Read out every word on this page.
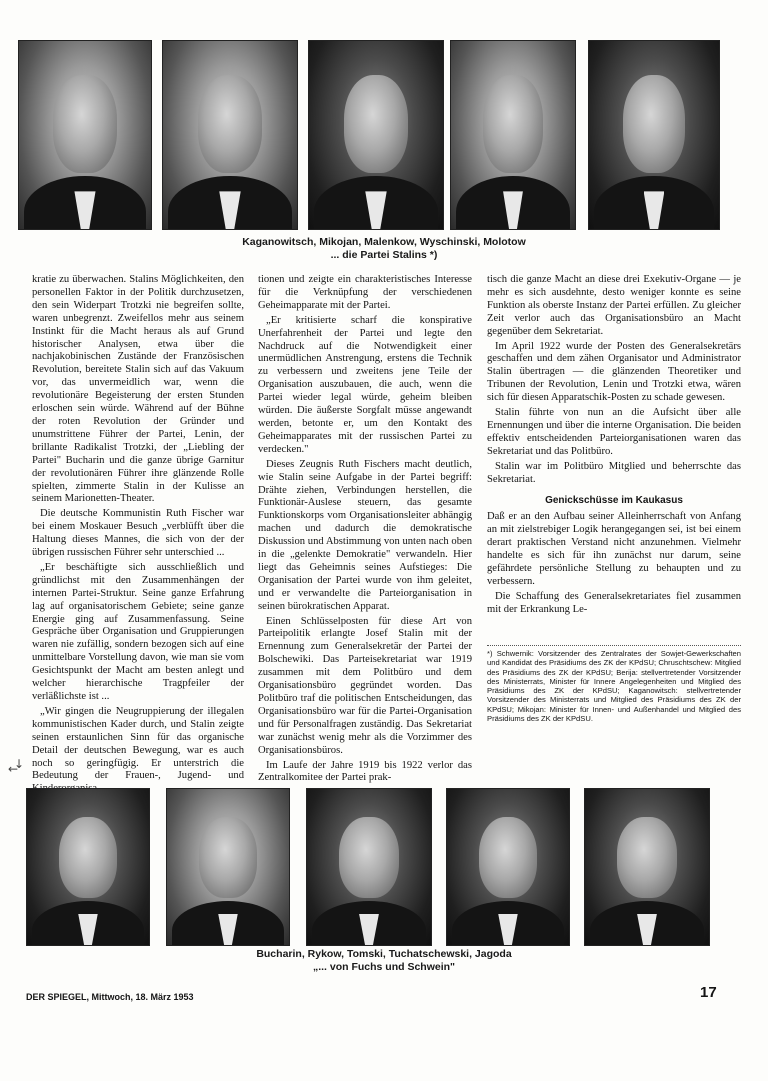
Kaganowitsch, Mikojan, Malenkow, Wyschinski, Molotow
... die Partei Stalins *)

kratie zu überwachen. Stalins Möglichkeiten, den personellen Faktor in der Politik durchzusetzen, den sein Widerpart Trotzki nie begreifen sollte, waren unbegrenzt. Zweifellos mehr aus seinem Instinkt für die Macht heraus als auf Grund historischer Analysen, etwa über die nachjakobinischen Zustände der Französischen Revolution, bereitete Stalin sich auf das Vakuum vor, das unvermeidlich war, wenn die revolutionäre Begeisterung der ersten Stunden erloschen sein würde. Während auf der Bühne der roten Revolution der Gründer und unumstrittene Führer der Partei, Lenin, der brillante Radikalist Trotzki, der „Liebling der Partei" Bucharin und die ganze übrige Garnitur der revolutionären Führer ihre glänzende Rolle spielten, zimmerte Stalin in der Kulisse an seinem Marionetten-Theater.

Die deutsche Kommunistin Ruth Fischer war bei einem Moskauer Besuch „verblüfft über die Haltung dieses Mannes, die sich von der der übrigen russischen Führer sehr unterschied ...

„Er beschäftigte sich ausschließlich und gründlichst mit den Zusammenhängen der internen Partei-Struktur. Seine ganze Erfahrung lag auf organisatorischem Gebiete; seine ganze Energie ging auf Zusammenfassung. Seine Gespräche über Organisation und Gruppierungen waren nie zufällig, sondern bezogen sich auf eine unmittelbare Vorstellung davon, wie man sie vom Gesichtspunkt der Macht am besten anlegt und welcher hierarchische Tragpfeiler der verläßlichste ist ...

„Wir gingen die Neugruppierung der illegalen kommunistischen Kader durch, und Stalin zeigte seinen erstaunlichen Sinn für das organische Detail der deutschen Bewegung, war es auch noch so geringfügig. Er unterstrich die Bedeutung der Frauen-, Jugend- und

tionen und zeigte ein charakteristisches Interesse für die Verknüpfung der verschiedenen Geheimapparate mit der Partei.

„Er kritisierte scharf die konspirative Unerfahrenheit der Partei und legte den Nachdruck auf die Notwendigkeit einer unermüdlichen Anstrengung, erstens die Technik zu verbessern und zweitens jene Teile der Organisation auszubauen, die auch, wenn die Partei wieder legal würde, geheim bleiben würden. Die äußerste Sorgfalt müsse angewandt werden, betonte er, um den Kontakt des Geheimapparates mit der russischen Partei zu verdecken."

Dieses Zeugnis Ruth Fischers macht deutlich, wie Stalin seine Aufgabe in der Partei begriff: Drähte ziehen, Verbindungen herstellen, die Funktionär-Auslese steuern, das gesamte Funktionskorps vom Organisationsleiter abhängig machen und dadurch die demokratische Diskussion und Abstimmung von unten nach oben in die „gelenkte Demokratie" verwandeln. Hier liegt das Geheimnis seines Aufstieges: Die Organisation der Partei wurde von ihm geleitet, und er verwandelte die Parteiorganisation in seinen bürokratischen Apparat.

Einen Schlüsselposten für diese Art von Parteipolitik erlangte Josef Stalin mit der Ernennung zum Generalsekretär der Partei der Bolschewiki. Das Parteisekretariat war 1919 zusammen mit dem Politbüro und dem Organisationsbüro gegründet worden. Das Politbüro traf die politischen Entscheidungen, das Organisationsbüro war für die Partei-Organisation und für Personalfragen zuständig. Das Sekretariat war zunächst wenig mehr als die Vorzimmer des Organisationsbüros.

Im Laufe der Jahre 1919 bis 1922 verlor das Zentralkomitee der Partei prak-

tisch die ganze Macht an diese drei Exekutiv-Organe — je mehr es sich ausdehnte, desto weniger konnte es seine Funktion als oberste Instanz der Partei erfüllen. Zu gleicher Zeit verlor auch das Organisationsbüro an Macht gegenüber dem Sekretariat.

Im April 1922 wurde der Posten des Generalsekretärs geschaffen und dem zähen Organisator und Administrator Stalin übertragen — die glänzenden Theoretiker und Tribunen der Revolution, Lenin und Trotzki etwa, wären sich für diesen Apparatschik-Posten zu schade gewesen.

Stalin führte von nun an die Aufsicht über alle Ernennungen und über die interne Organisation. Die beiden effektiv entscheidenden Parteiorganisationen waren das Sekretariat und das Politbüro.

Stalin war im Politbüro Mitglied und beherrschte das Sekretariat.

Genickschüsse im Kaukasus

Daß er an den Aufbau seiner Alleinherrschaft von Anfang an mit zielstrebiger Logik herangegangen sei, ist bei einem derart praktischen Verstand nicht anzunehmen. Vielmehr handelte es sich für ihn zunächst nur darum, seine gefährdete persönliche Stellung zu behaupten und zu verbessern.

Die Schaffung des Generalsekretariates fiel zusammen mit der Erkrankung Le-

*) Schwernik: Vorsitzender des Zentralrates der Sowjet-Gewerkschaften und Kandidat des Präsidiums des ZK der KPdSU; Chruschtschew: Mitglied des Präsidiums des ZK der KPdSU; Berija: stellvertretender Vorsitzender des Ministerrats, Minister für Innere Angelegenheiten und Mitglied des Präsidiums des ZK der KPdSU; Kaganowitsch: stellvertretender Vorsitzender des Ministerrats und Mitglied des Präsidiums des ZK der KPdSU; Mikojan: Minister für Innen- und Außenhandel und Mitglied des Präsidiums des ZK der KPdSU.
↓
←
Bucharin, Rykow, Tomski, Tuchatschewski, Jagoda
„... von Fuchs und Schwein"
DER SPIEGEL, Mittwoch, 18. März 1953	17
